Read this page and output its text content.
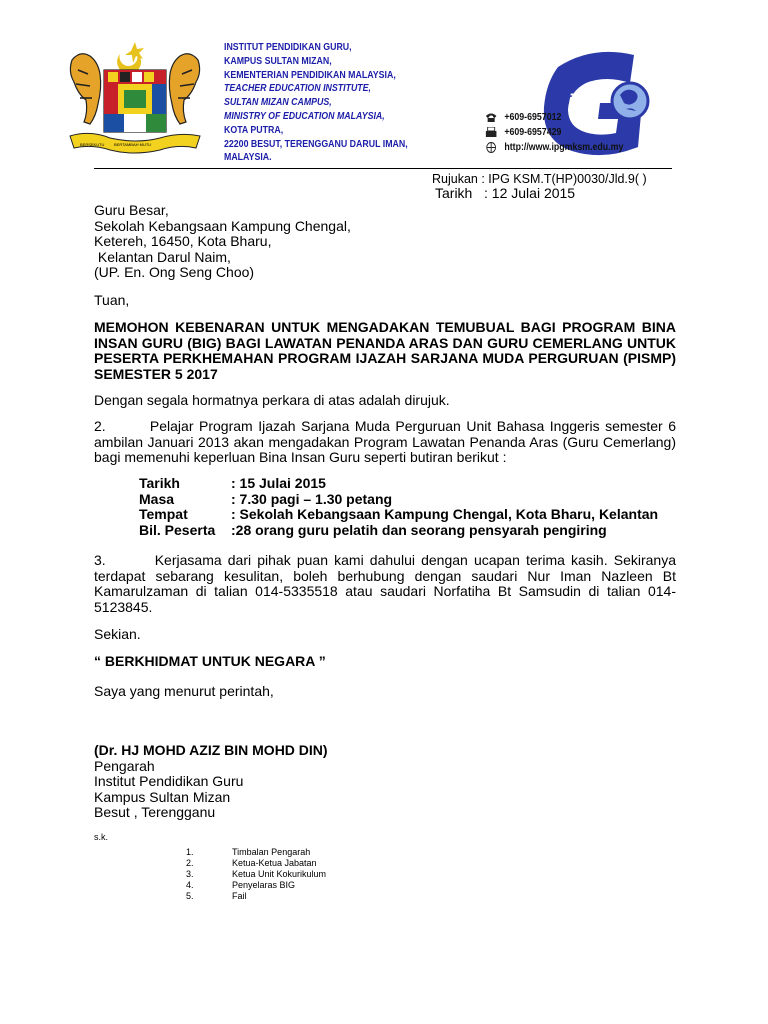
BERSEKUTU BERTAMBAH MUTU
INSTITUT PENDIDIKAN GURU,
KAMPUS SULTAN MIZAN,
KEMENTERIAN PENDIDIKAN MALAYSIA,
TEACHER EDUCATION INSTITUTE,
SULTAN MIZAN CAMPUS,
MINISTRY OF EDUCATION MALAYSIA,
KOTA PUTRA,
22200 BESUT, TERENGGANU DARUL IMAN,
MALAYSIA.
iPG
+609-6957012
+609-6957429
http://www.ipgmksm.edu.my
Rujukan : IPG KSM.T(HP)0030/Jld.9( )
Tarikh   : 12 Julai 2015
Guru Besar,
Sekolah Kebangsaan Kampung Chengal,
Ketereh, 16450, Kota Bharu,
Kelantan Darul Naim,
(UP. En. Ong Seng Choo)
Tuan,
MEMOHON KEBENARAN UNTUK MENGADAKAN TEMUBUAL BAGI PROGRAM BINA INSAN GURU (BIG) BAGI LAWATAN PENANDA ARAS DAN GURU CEMERLANG UNTUK PESERTA PERKHEMAHAN PROGRAM IJAZAH SARJANA MUDA PERGURUAN (PISMP) SEMESTER 5 2017
Dengan segala hormatnya perkara di atas adalah dirujuk.
2.        Pelajar Program Ijazah Sarjana Muda Perguruan Unit Bahasa Inggeris semester 6 ambilan Januari 2013 akan mengadakan Program Lawatan Penanda Aras (Guru Cemerlang) bagi memenuhi keperluan Bina Insan Guru seperti butiran berikut :
Tarikh	: 15 Julai 2015
Masa	: 7.30 pagi – 1.30 petang
Tempat	: Sekolah Kebangsaan Kampung Chengal, Kota Bharu, Kelantan
Bil. Peserta	:28 orang guru pelatih dan seorang pensyarah pengiring
3.        Kerjasama dari pihak puan kami dahului dengan ucapan terima kasih. Sekiranya terdapat sebarang kesulitan, boleh berhubung dengan saudari Nur Iman Nazleen Bt Kamarulzaman di talian 014-5335518 atau saudari Norfatiha Bt Samsudin di talian 014-5123845.
Sekian.
“ BERKHIDMAT UNTUK NEGARA ”
Saya yang menurut perintah,
(Dr. HJ MOHD AZIZ BIN MOHD DIN)
Pengarah
Institut Pendidikan Guru
Kampus Sultan Mizan
Besut , Terengganu
s.k.
1.	Timbalan Pengarah
2.	Ketua-Ketua Jabatan
3.	Ketua Unit Kokurikulum
4.	Penyelaras BIG
5.	Fail
